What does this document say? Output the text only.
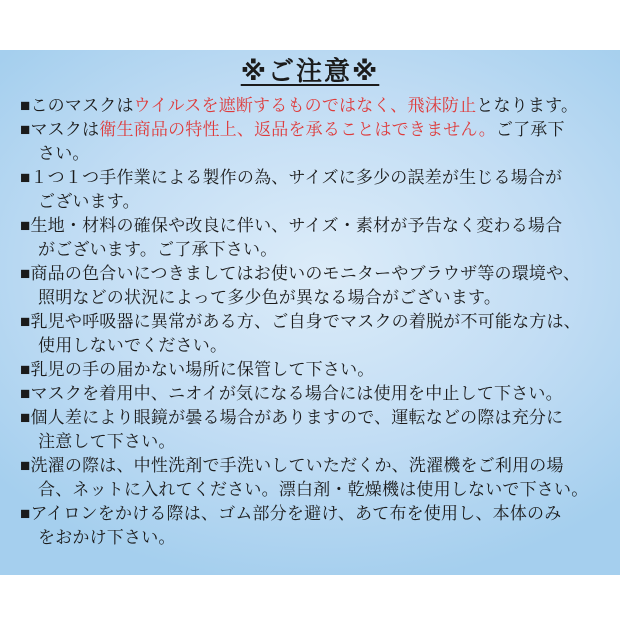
※ご注意※
■このマスクはウイルスを遮断するものではなく、飛沫防止となります。
■マスクは衛生商品の特性上、返品を承ることはできません。ご了承下
さい。
■１つ１つ手作業による製作の為、サイズに多少の誤差が生じる場合が
ございます。
■生地・材料の確保や改良に伴い、サイズ・素材が予告なく変わる場合
がございます。ご了承下さい。
■商品の色合いにつきましてはお使いのモニターやブラウザ等の環境や、
照明などの状況によって多少色が異なる場合がございます。
■乳児や呼吸器に異常がある方、ご自身でマスクの着脱が不可能な方は、
使用しないでください。
■乳児の手の届かない場所に保管して下さい。
■マスクを着用中、ニオイが気になる場合には使用を中止して下さい。
■個人差により眼鏡が曇る場合がありますので、運転などの際は充分に
注意して下さい。
■洗濯の際は、中性洗剤で手洗いしていただくか、洗濯機をご利用の場
合、ネットに入れてください。漂白剤・乾燥機は使用しないで下さい。
■アイロンをかける際は、ゴム部分を避け、あて布を使用し、本体のみ
をおかけ下さい。
